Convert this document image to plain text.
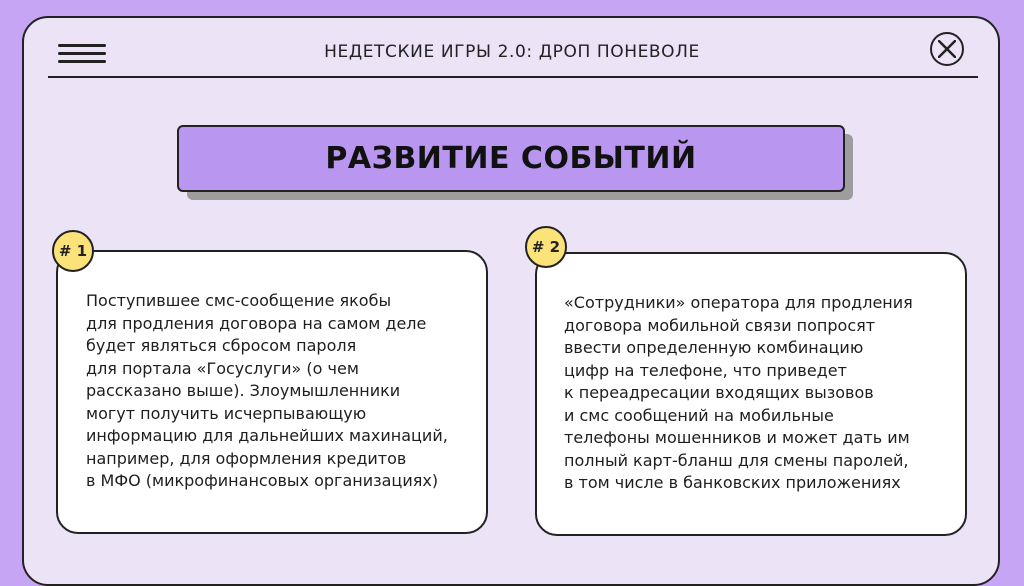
НЕДЕТСКИЕ ИГРЫ 2.0: ДРОП ПОНЕВОЛЕ
РАЗВИТИЕ СОБЫТИЙ
# 1
Поступившее смс-сообщение якобы
для продления договора на самом деле
будет являться сбросом пароля
для портала «Госуслуги» (о чем
рассказано выше). Злоумышленники
могут получить исчерпывающую
информацию для дальнейших махинаций,
например, для оформления кредитов
в МФО (микрофинансовых организациях)
# 2
«Сотрудники» оператора для продления
договора мобильной связи попросят
ввести определенную комбинацию
цифр на телефоне, что приведет
к переадресации входящих вызовов
и смс сообщений на мобильные
телефоны мошенников и может дать им
полный карт-бланш для смены паролей,
в том числе в банковских приложениях
